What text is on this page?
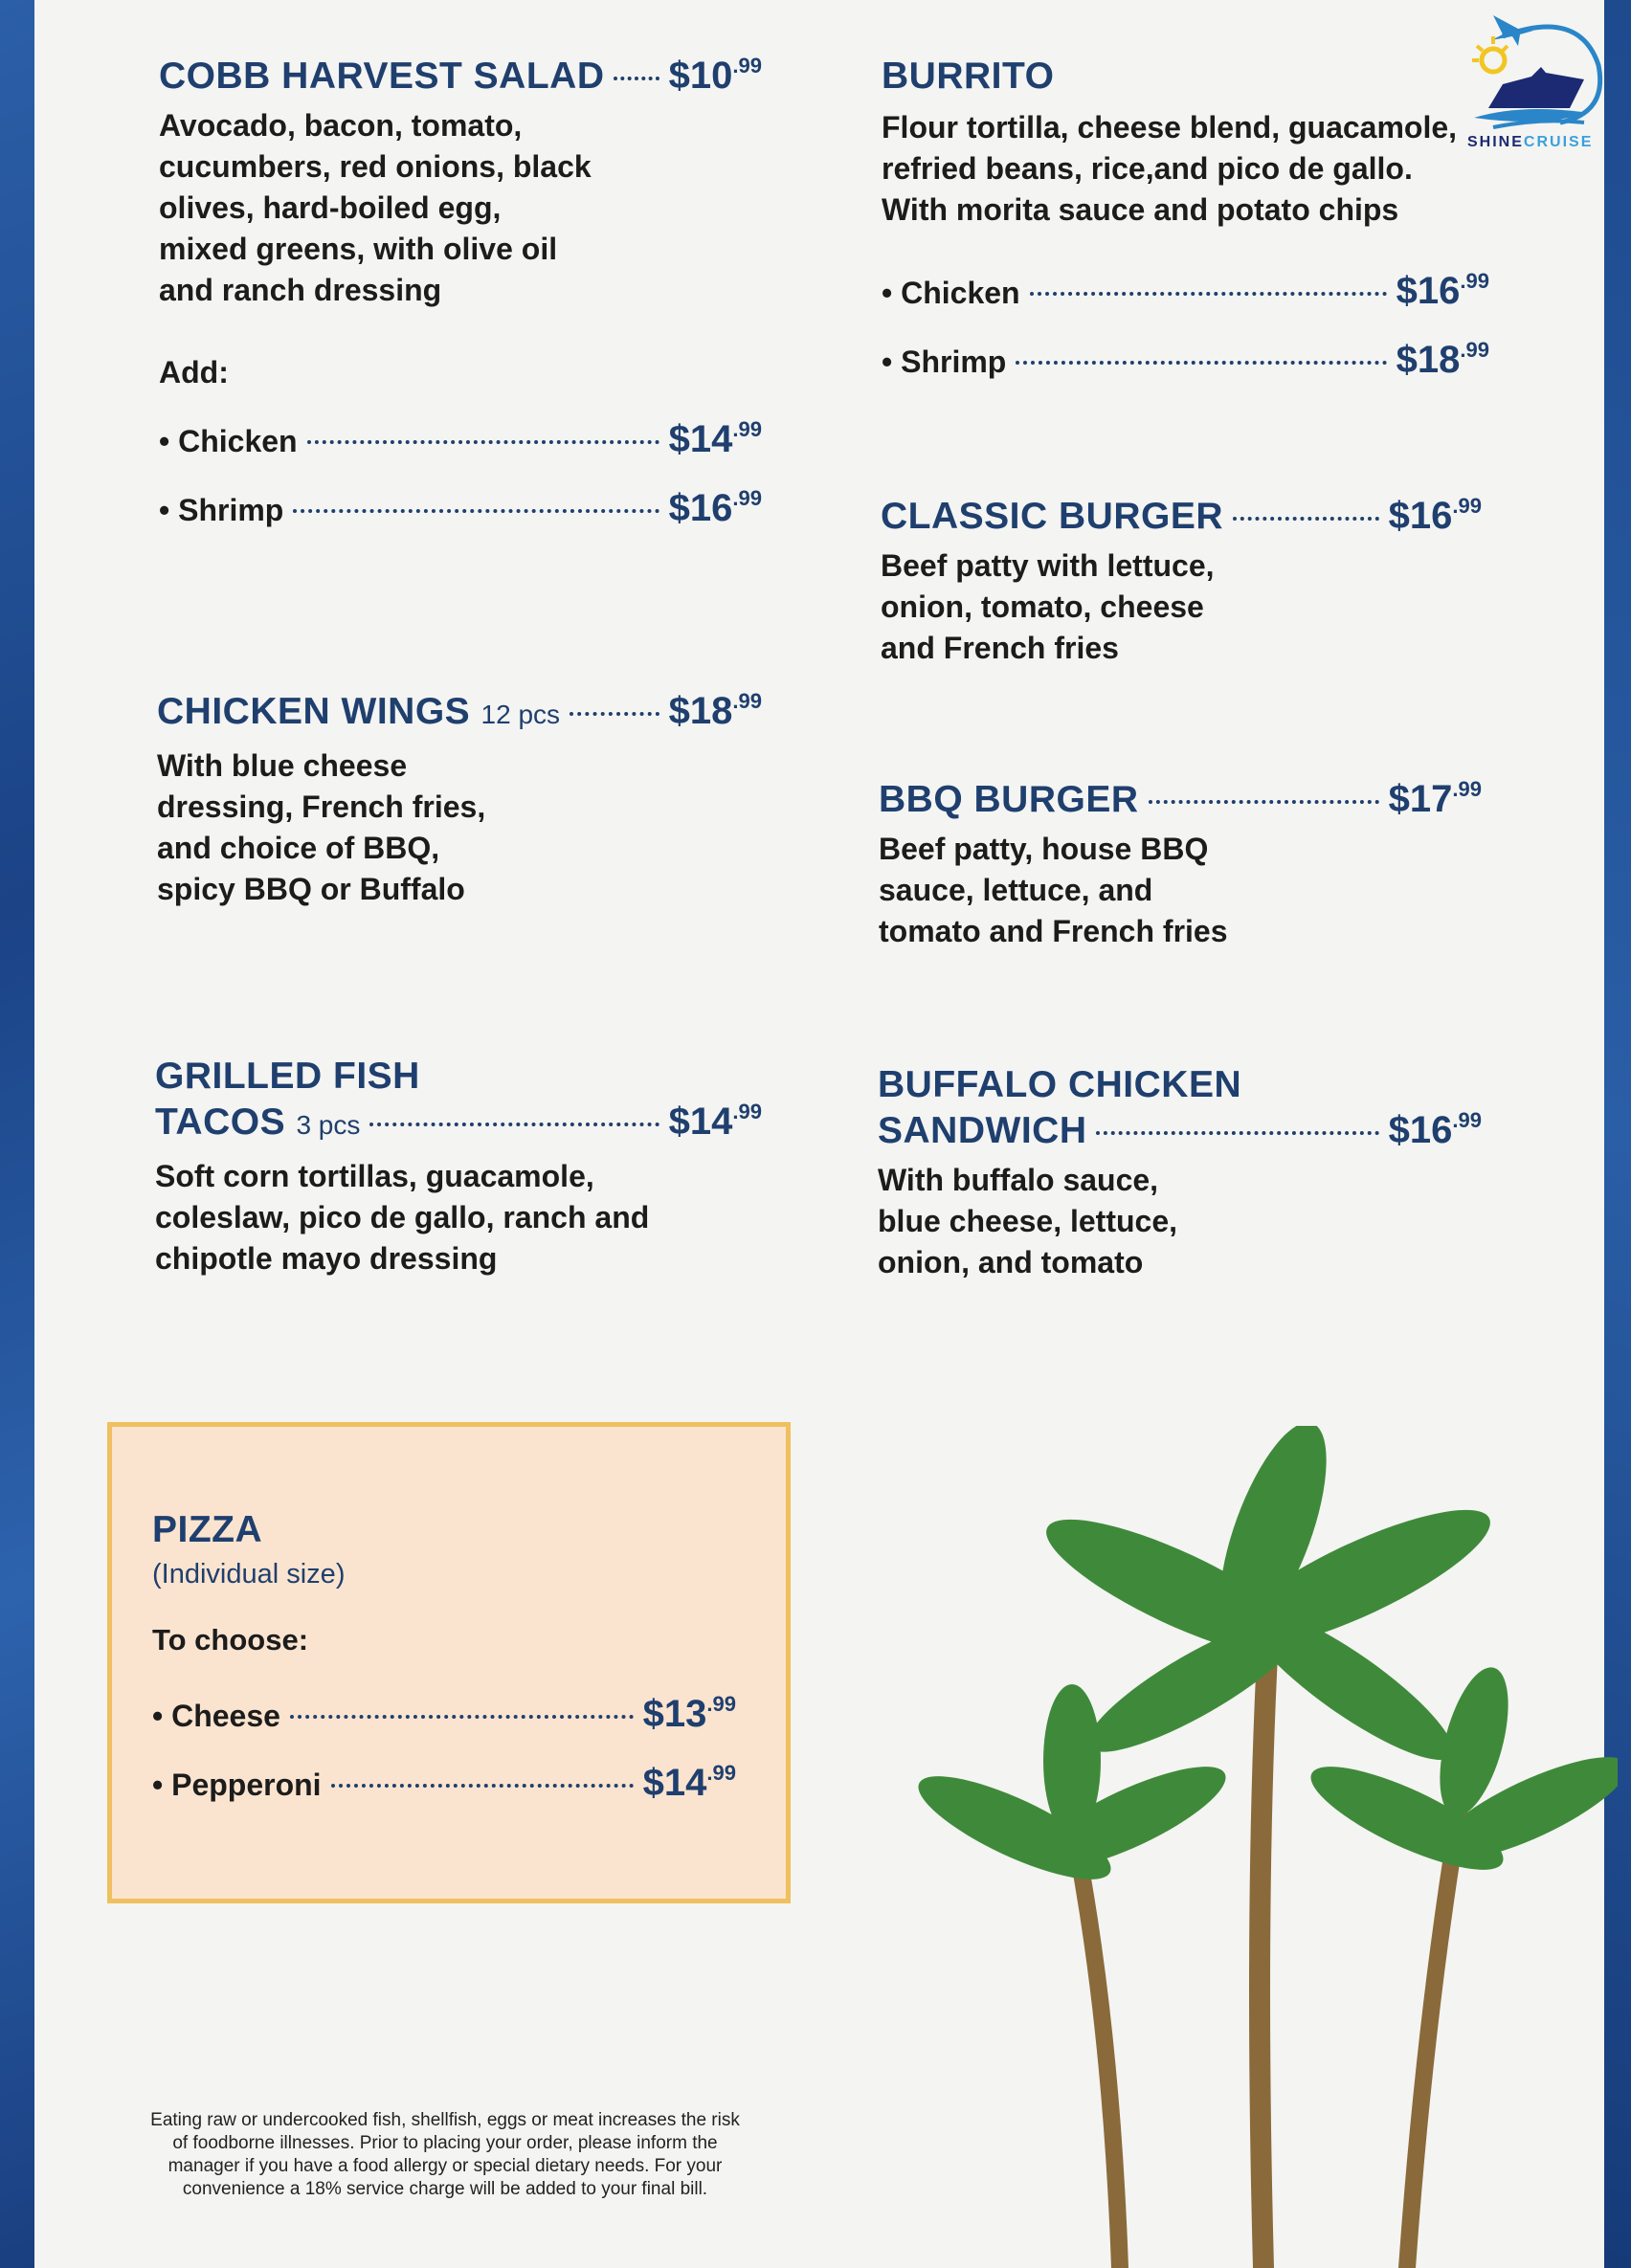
SHINECRUISE
COBB HARVEST SALAD $\$10^{.99}$
Avocado, bacon, tomato,
cucumbers, red onions, black
olives, hard-boiled egg,
mixed greens, with olive oil
and ranch dressing
Add:
• Chicken	$\$14^{.99}$
• Shrimp	$\$16^{.99}$
CHICKEN WINGS 12 pcs	$\$18^{.99}$
With blue cheese
dressing, French fries,
and choice of BBQ,
spicy BBQ or Buffalo
GRILLED FISH
TACOS 3 pcs	$\$14^{.99}$
Soft corn tortillas, guacamole,
coleslaw, pico de gallo, ranch and
chipotle mayo dressing
BURRITO
Flour tortilla, cheese blend, guacamole,
refried beans, rice,and pico de gallo.
With morita sauce and potato chips
• Chicken	$\$16^{.99}$
• Shrimp	$\$18^{.99}$
CLASSIC BURGER	$\$16^{.99}$
Beef patty with lettuce,
onion, tomato, cheese
and French fries
BBQ BURGER	$\$17^{.99}$
Beef patty, house BBQ
sauce, lettuce, and
tomato and French fries
BUFFALO CHICKEN
SANDWICH	$\$16^{.99}$
With buffalo sauce,
blue cheese, lettuce,
onion, and tomato
PIZZA
(Individual size)
To choose:
• Cheese	$\$13^{.99}$
• Pepperoni	$\$14^{.99}$
Eating raw or undercooked fish, shellfish, eggs or meat increases the risk of foodborne illnesses. Prior to placing your order, please inform the manager if you have a food allergy or special dietary needs. For your convenience a 18% service charge will be added to your final bill.
